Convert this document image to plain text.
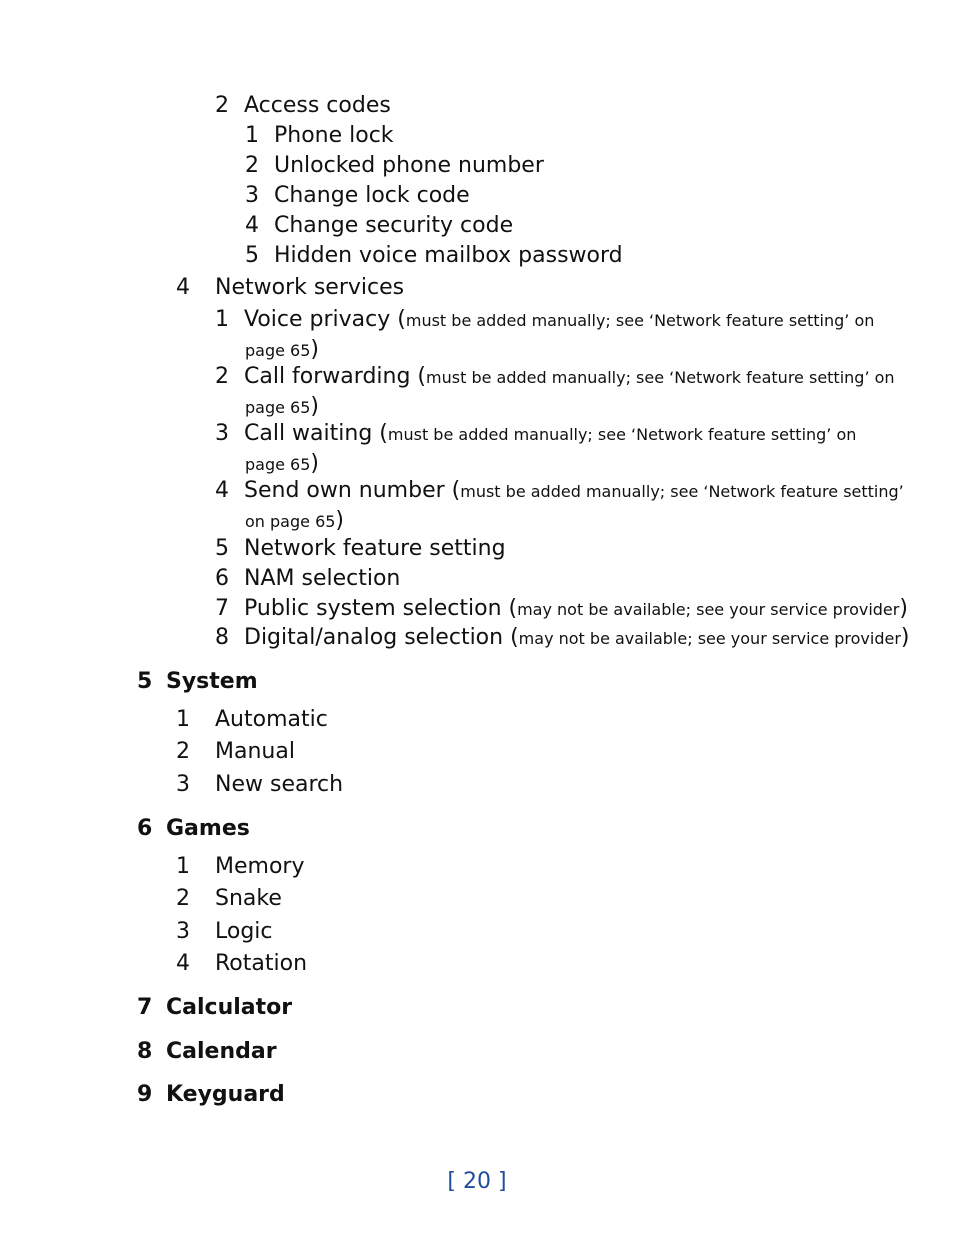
2 Access codes
1 Phone lock
2 Unlocked phone number
3 Change lock code
4 Change security code
5 Hidden voice mailbox password
4 Network services
1 Voice privacy (must be added manually; see ‘Network feature setting’ on
page 65)
2 Call forwarding (must be added manually; see ‘Network feature setting’ on
page 65)
3 Call waiting (must be added manually; see ‘Network feature setting’ on
page 65)
4 Send own number (must be added manually; see ‘Network feature setting’
on page 65)
5 Network feature setting
6 NAM selection
7 Public system selection (may not be available; see your service provider)
8 Digital/analog selection (may not be available; see your service provider)
5 System
1 Automatic
2 Manual
3 New search
6 Games
1 Memory
2 Snake
3 Logic
4 Rotation
7 Calculator
8 Calendar
9 Keyguard
[ 20 ]
